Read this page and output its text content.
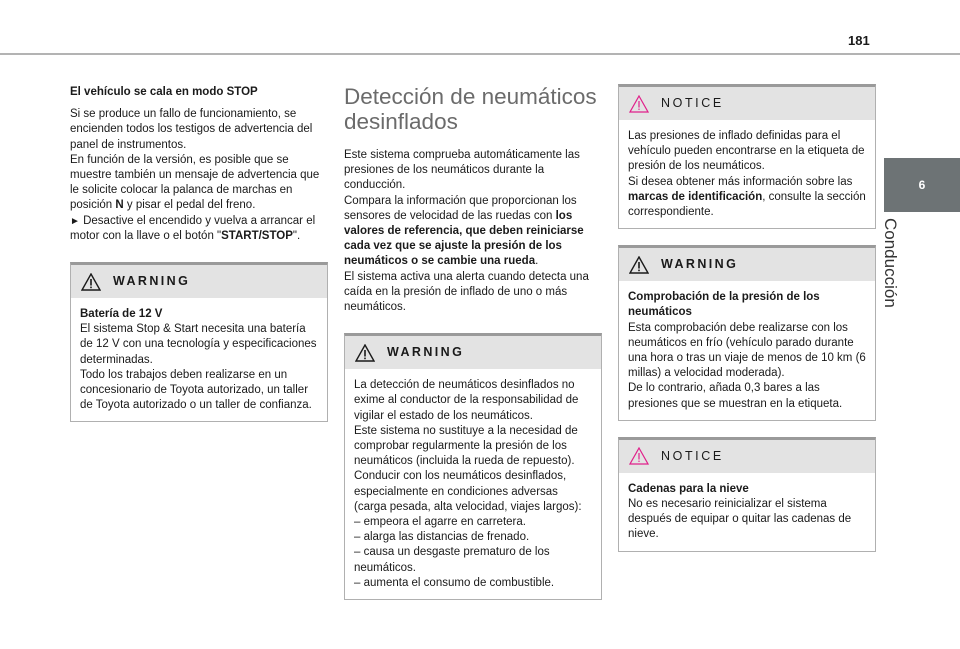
181
6
Conducción
El vehículo se cala en modo STOP
Si se produce un fallo de funcionamiento, se encienden todos los testigos de advertencia del panel de instrumentos.
En función de la versión, es posible que se muestre también un mensaje de advertencia que le solicite colocar la palanca de marchas en posición N y pisar el pedal del freno.
► Desactive el encendido y vuelva a arrancar el motor con la llave o el botón "START/STOP".
WARNING
Batería de 12 V
El sistema Stop & Start necesita una batería de 12 V con una tecnología y especificaciones determinadas.
Todo los trabajos deben realizarse en un concesionario de Toyota autorizado, un taller de Toyota autorizado o un taller de confianza.
Detección de neumáticos desinflados
Este sistema comprueba automáticamente las presiones de los neumáticos durante la conducción.
Compara la información que proporcionan los sensores de velocidad de las ruedas con los valores de referencia, que deben reiniciarse cada vez que se ajuste la presión de los neumáticos o se cambie una rueda.
El sistema activa una alerta cuando detecta una caída en la presión de inflado de uno o más neumáticos.
WARNING
La detección de neumáticos desinflados no exime al conductor de la responsabilidad de vigilar el estado de los neumáticos.
Este sistema no sustituye a la necesidad de comprobar regularmente la presión de los neumáticos (incluida la rueda de repuesto).
Conducir con los neumáticos desinflados, especialmente en condiciones adversas (carga pesada, alta velocidad, viajes largos):
– empeora el agarre en carretera.
– alarga las distancias de frenado.
– causa un desgaste prematuro de los neumáticos.
– aumenta el consumo de combustible.
NOTICE
Las presiones de inflado definidas para el vehículo pueden encontrarse en la etiqueta de presión de los neumáticos.
Si desea obtener más información sobre las marcas de identificación, consulte la sección correspondiente.
WARNING
Comprobación de la presión de los neumáticos
Esta comprobación debe realizarse con los neumáticos en frío (vehículo parado durante una hora o tras un viaje de menos de 10 km (6 millas) a velocidad moderada).
De lo contrario, añada 0,3 bares a las presiones que se muestran en la etiqueta.
NOTICE
Cadenas para la nieve
No es necesario reinicializar el sistema después de equipar o quitar las cadenas de nieve.
